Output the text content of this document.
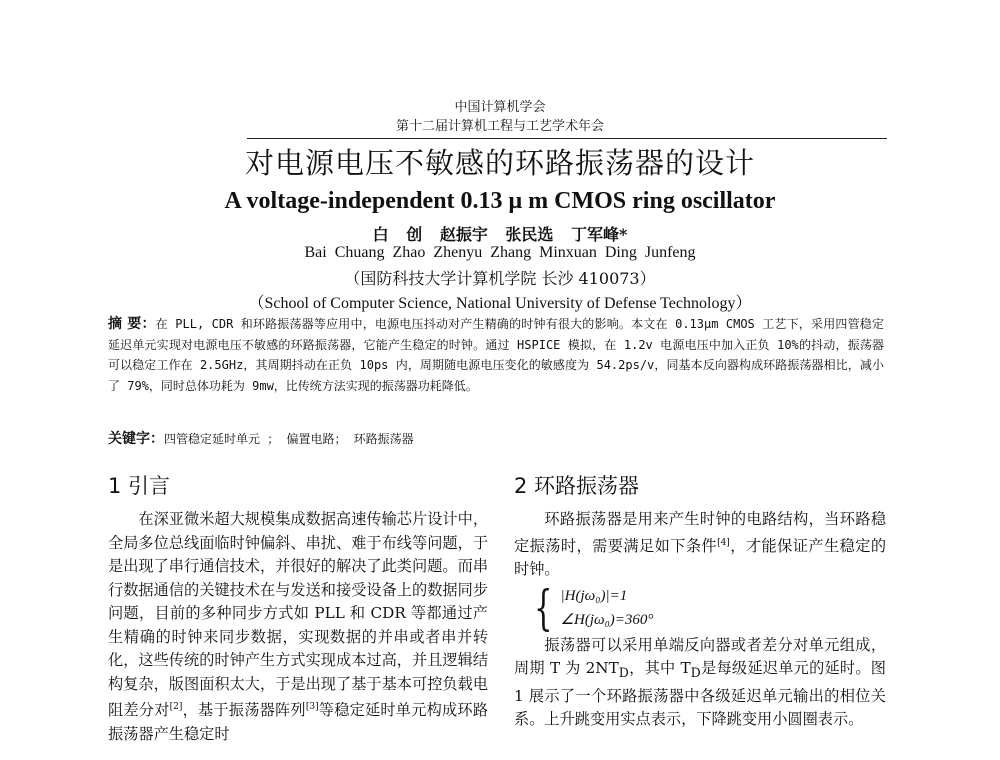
中国计算机学会
第十二届计算机工程与工艺学术年会
对电源电压不敏感的环路振荡器的设计
A voltage-independent 0.13 μ m CMOS ring oscillator
白 创 赵振宇 张民选 丁军峰*
Bai Chuang Zhao Zhenyu Zhang Minxuan Ding Junfeng
（国防科技大学计算机学院 长沙 410073）
（School of Computer Science, National University of Defense Technology）

摘 要：在 PLL, CDR 和环路振荡器等应用中，电源电压抖动对产生精确的时钟有很大的影响。本文在 0.13μm CMOS 工艺下，采用四管稳定延迟单元实现对电源电压不敏感的环路振荡器，它能产生稳定的时钟。通过 HSPICE 模拟，在 1.2v 电源电压中加入正负 10%的抖动，振荡器可以稳定工作在 2.5GHz，其周期抖动在正负 10ps 内，周期随电源电压变化的敏感度为 54.2ps/v，同基本反向器构成环路振荡器相比，减小了 79%，同时总体功耗为 9mw，比传统方法实现的振荡器功耗降低。

关键字：四管稳定延时单元 ； 偏置电路； 环路振荡器
1 引言

在深亚微米超大规模集成数据高速传输芯片设计中，全局多位总线面临时钟偏斜、串扰、难于布线等问题，于是出现了串行通信技术，并很好的解决了此类问题。而串行数据通信的关键技术在与发送和接受设备上的数据同步问题，目前的多种同步方式如 PLL 和 CDR 等都通过产生精确的时钟来同步数据，实现数据的并串或者串并转化，这些传统的时钟产生方式实现成本过高，并且逻辑结构复杂，版图面积太大，于是出现了基于基本可控负载电阻差分对[2]，基于振荡器阵列[3]等稳定延时单元构成环路振荡器产生稳定时

2 环路振荡器

环路振荡器是用来产生时钟的电路结构，当环路稳定振荡时，需要满足如下条件[4]，才能保证产生稳定的时钟。

{ |H(jω₀)|=1
∠H(jω₀)=360°

振荡器可以采用单端反向器或者差分对单元组成，周期 T 为 $2NT_D$，其中 $T_D$是每级延迟单元的延时。图 1 展示了一个环路振荡器中各级延迟单元输出的相位关系。上升跳变用实点表示，下降跳变用小圆圈表示。
